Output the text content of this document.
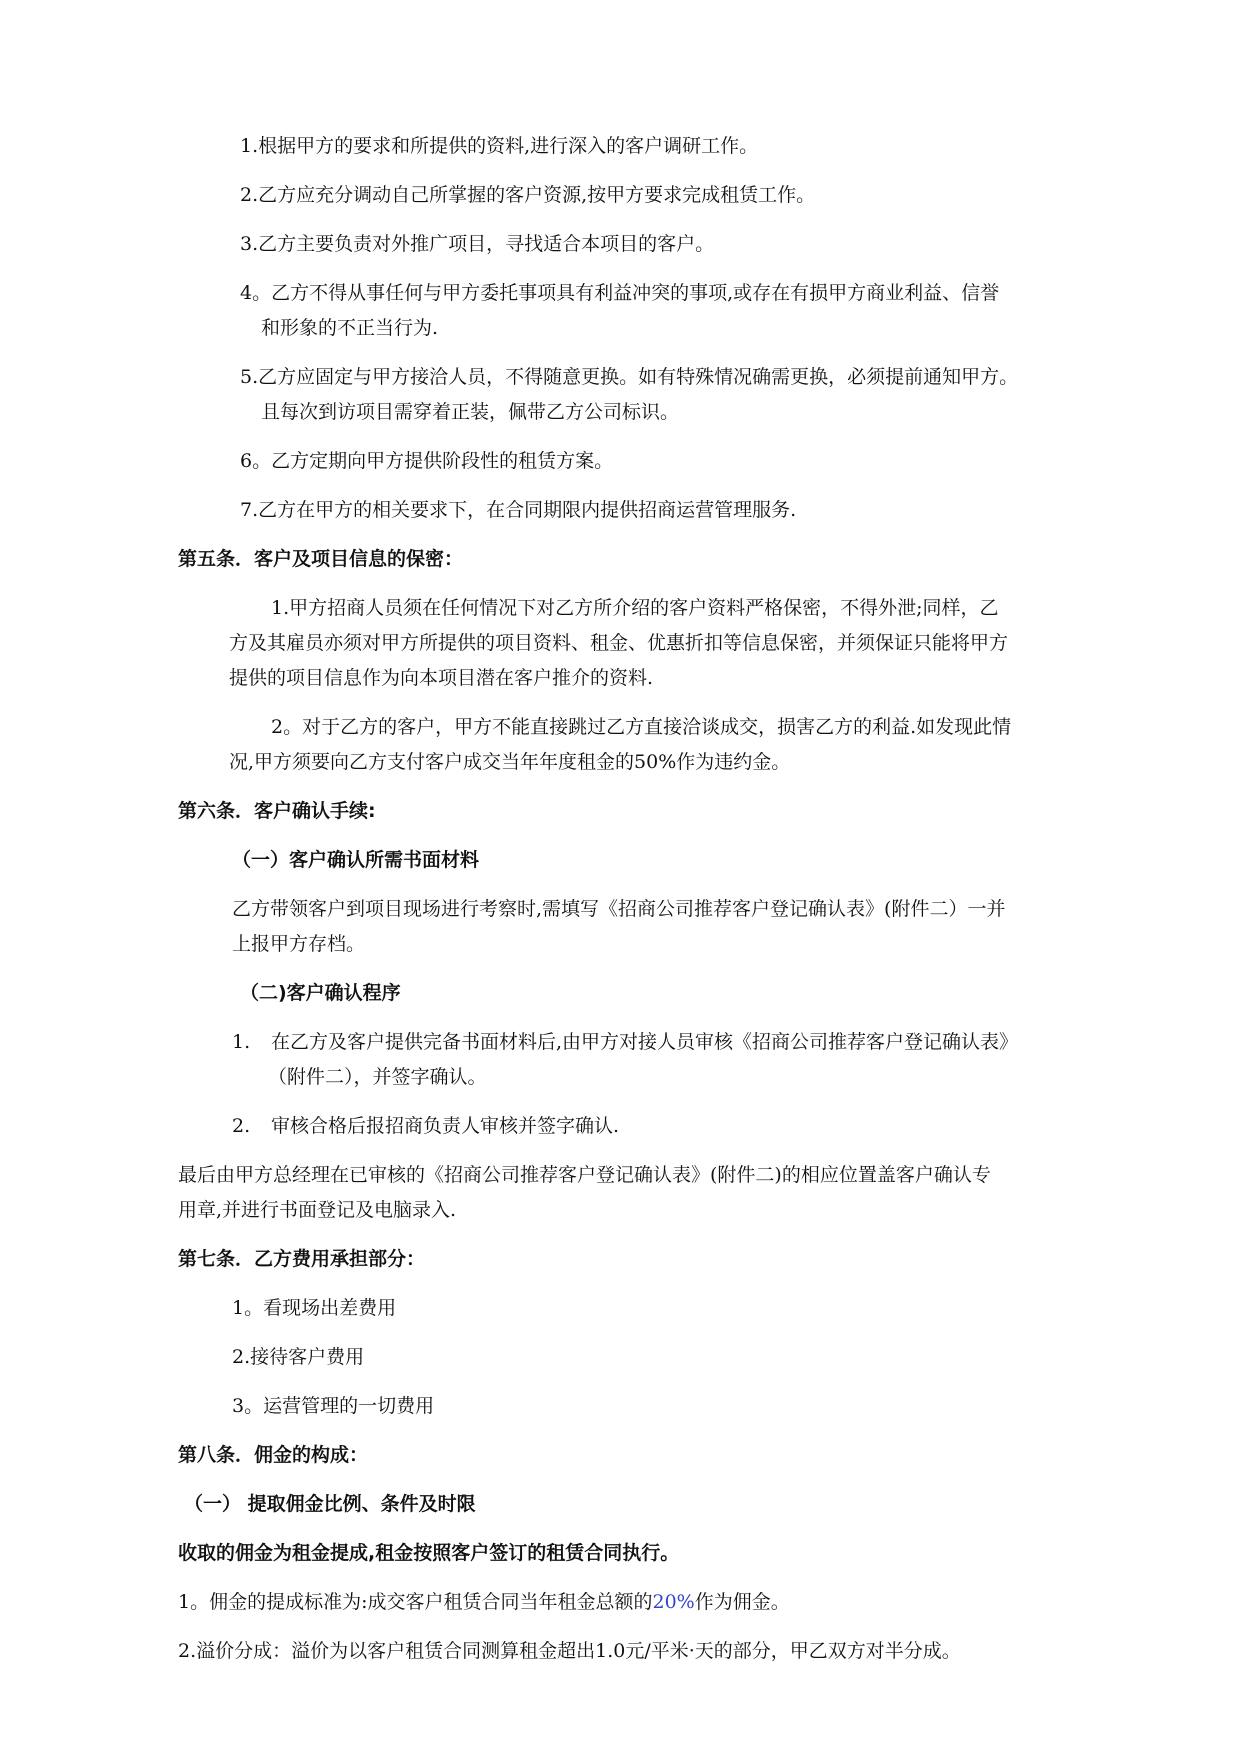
1.根据甲方的要求和所提供的资料,进行深入的客户调研工作。
2.乙方应充分调动自己所掌握的客户资源,按甲方要求完成租赁工作。
3.乙方主要负责对外推广项目，寻找适合本项目的客户。
4。乙方不得从事任何与甲方委托事项具有利益冲突的事项,或存在有损甲方商业利益、信誉
和形象的不正当行为.
5.乙方应固定与甲方接洽人员，不得随意更换。如有特殊情况确需更换，必须提前通知甲方。
且每次到访项目需穿着正装，佩带乙方公司标识。
6。乙方定期向甲方提供阶段性的租赁方案。
7.乙方在甲方的相关要求下，在合同期限内提供招商运营管理服务.
第五条．客户及项目信息的保密：
1.甲方招商人员须在任何情况下对乙方所介绍的客户资料严格保密，不得外泄;同样，乙
方及其雇员亦须对甲方所提供的项目资料、租金、优惠折扣等信息保密，并须保证只能将甲方
提供的项目信息作为向本项目潜在客户推介的资料.
2。对于乙方的客户，甲方不能直接跳过乙方直接洽谈成交，损害乙方的利益.如发现此情
况,甲方须要向乙方支付客户成交当年年度租金的50%作为违约金。
第六条．客户确认手续:
（一）客户确认所需书面材料
乙方带领客户到项目现场进行考察时,需填写《招商公司推荐客户登记确认表》(附件二）一并
上报甲方存档。
（二)客户确认程序
1. 在乙方及客户提供完备书面材料后,由甲方对接人员审核《招商公司推荐客户登记确认表》
（附件二），并签字确认。
2. 审核合格后报招商负责人审核并签字确认.
最后由甲方总经理在已审核的《招商公司推荐客户登记确认表》(附件二)的相应位置盖客户确认专
用章,并进行书面登记及电脑录入.
第七条．乙方费用承担部分：
1。看现场出差费用
2.接待客户费用
3。运营管理的一切费用
第八条．佣金的构成：
（一） 提取佣金比例、条件及时限
收取的佣金为租金提成,租金按照客户签订的租赁合同执行。
1。佣金的提成标准为:成交客户租赁合同当年租金总额的20%作为佣金。
2.溢价分成：溢价为以客户租赁合同测算租金超出1.0元/平米·天的部分，甲乙双方对半分成。
